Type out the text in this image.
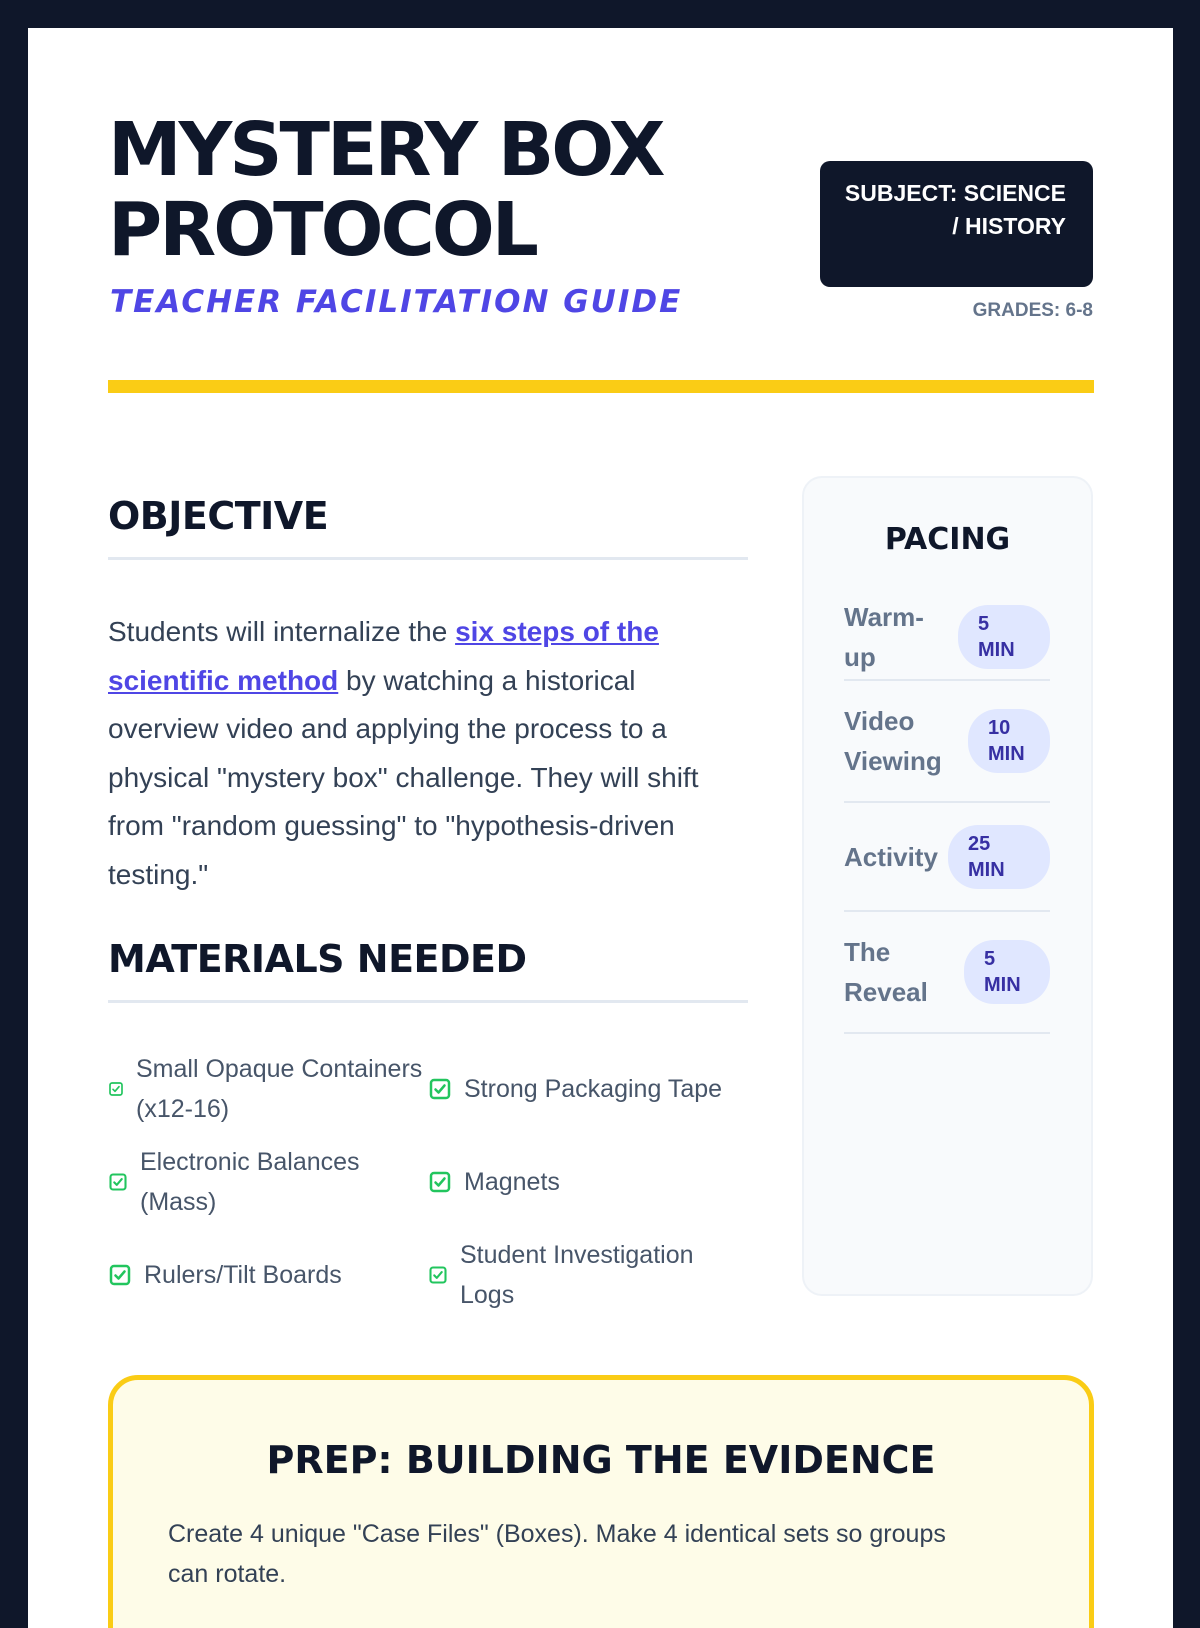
MYSTERY BOX PROTOCOL
TEACHER FACILITATION GUIDE
SUBJECT: SCIENCE / HISTORY
GRADES: 6-8
OBJECTIVE

Students will internalize the six steps of the scientific method by watching a historical overview video and applying the process to a physical "mystery box" challenge. They will shift from "random guessing" to "hypothesis-driven testing."

MATERIALS NEEDED
Small Opaque Containers (x12-16)
Strong Packaging Tape
Electronic Balances (Mass)
Magnets
Rulers/Tilt Boards
Student Investigation Logs
PACING
Warm-up
5 MIN
Video Viewing
10 MIN
Activity	25 MIN
The Reveal
5 MIN
PREP: BUILDING THE EVIDENCE

Create 4 unique "Case Files" (Boxes). Make 4 identical sets so groups can rotate.
